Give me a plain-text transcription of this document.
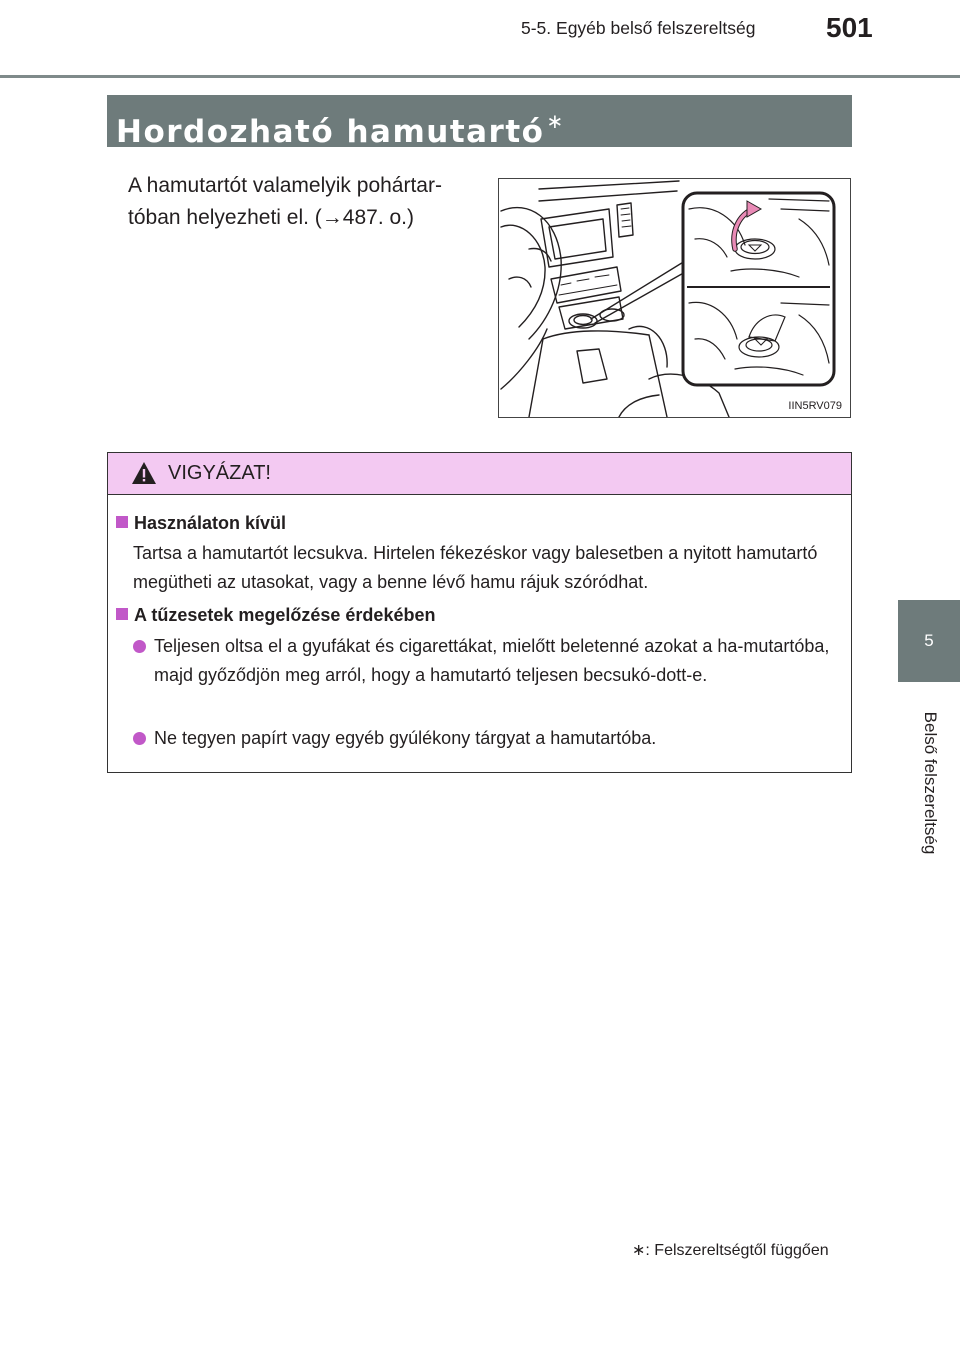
5-5. Egyéb belső felszereltség	501
Hordozható hamutartó ∗
A hamutartót valamelyik pohártar-tóban helyezheti el. (→487. o.)
IIN5RV079
VIGYÁZAT!
Használaton kívül
Tartsa a hamutartót lecsukva. Hirtelen fékezéskor vagy balesetben a nyitott hamutartó megütheti az utasokat, vagy a benne lévő hamu rájuk szóródhat.
A tűzesetek megelőzése érdekében
Teljesen oltsa el a gyufákat és cigarettákat, mielőtt beletenné azokat a ha-mutartóba, majd győződjön meg arról, hogy a hamutartó teljesen becsukó-dott-e.
Ne tegyen papírt vagy egyéb gyúlékony tárgyat a hamutartóba.
5
Belső felszereltség
∗: Felszereltségtől függően
